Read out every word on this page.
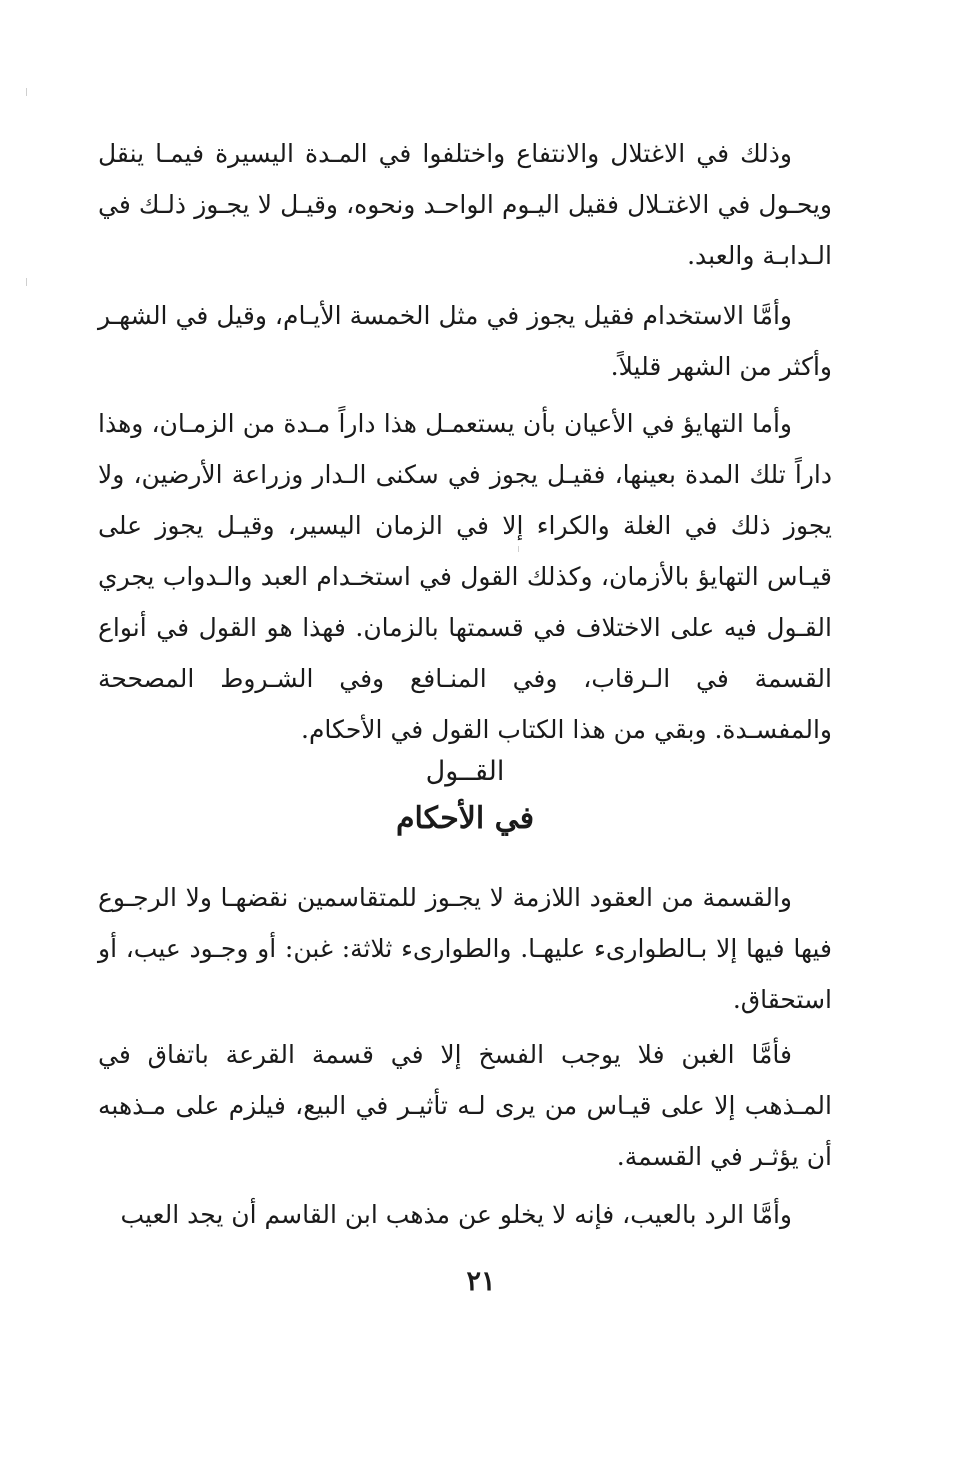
وذلك في الاغتلال والانتفاع واختلفوا في المـدة اليسيرة فيمـا ينقل ويحـول في الاغتـلال فقيل اليـوم الواحـد ونحوه، وقيـل لا يجـوز ذلـك في الـدابـة والعبد.

وأمَّا الاستخدام فقيل يجوز في مثل الخمسة الأيـام، وقيل في الشهـر وأكثر من الشهر قليلاً.

وأما التهايؤ في الأعيان بأن يستعمـل هذا داراً مـدة من الزمـان، وهذا داراً تلك المدة بعينها، فقيـل يجوز في سكنى الـدار وزراعة الأرضين، ولا يجوز ذلك في الغلة والكراء إلا في الزمان اليسير، وقيـل يجوز على قيـاس التهايؤ بالأزمان، وكذلك القول في استخـدام العبد والـدواب يجري القـول فيه على الاختلاف في قسمتها بالزمان. فهذا هو القول في أنواع القسمة في الـرقاب، وفي المنـافع وفي الشـروط المصححة والمفسـدة. وبقي من هذا الكتاب القول في الأحكام.

القــول
في الأحكام

والقسمة من العقود اللازمة لا يجـوز للمتقاسمين نقضهـا ولا الرجـوع فيها فيها إلا بـالطوارىء عليهـا. والطوارىء ثلاثة: غبن: أو وجـود عيب، أو استحقاق.

فأمَّا الغبن فلا يوجب الفسخ إلا في قسمة القرعة باتفاق في المـذهب إلا على قيـاس من يرى لـه تأثيـر في البيع، فيلزم على مـذهبه أن يؤثـر في القسمة.

وأمَّا الرد بالعيب، فإنه لا يخلو عن مذهب ابن القاسم أن يجد العيب

٢١
